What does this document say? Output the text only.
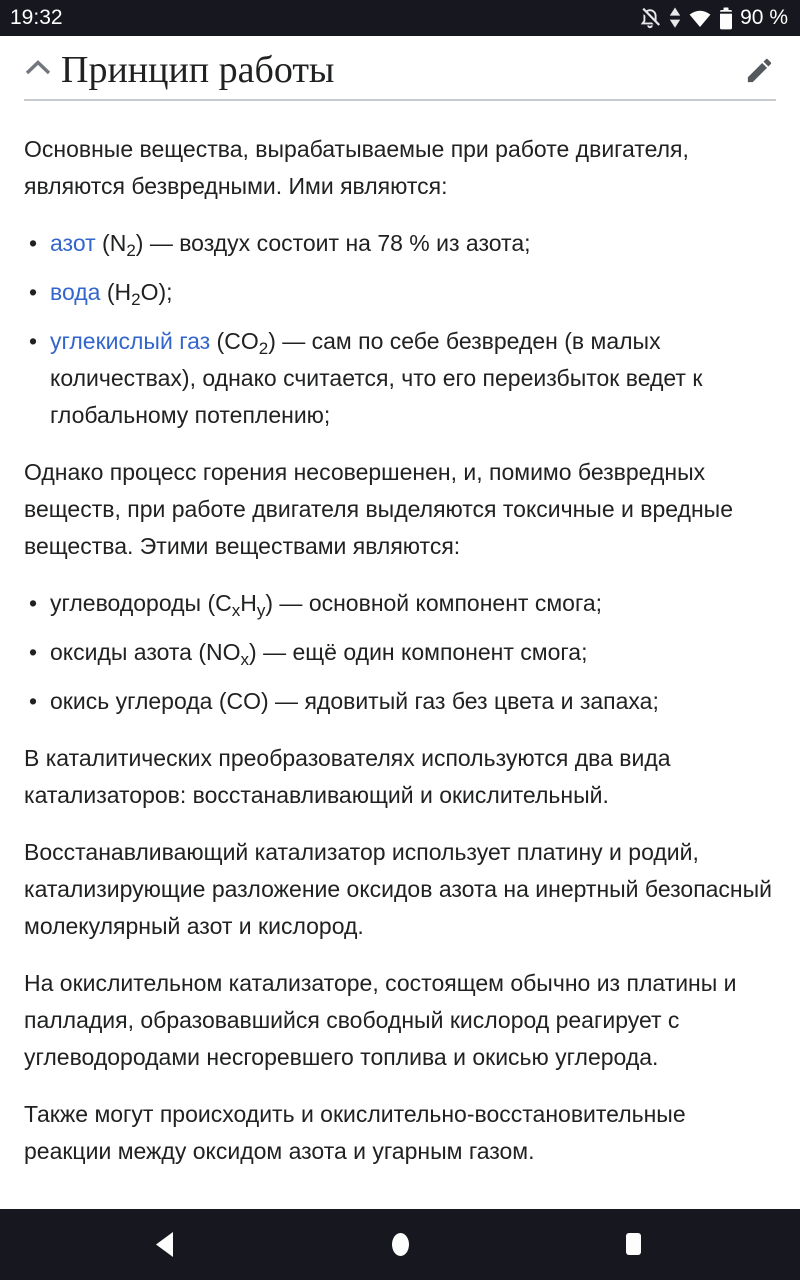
19:32	90 %
Принцип работы

Основные вещества, вырабатываемые при работе двигателя, являются безвредными. Ими являются:

• азот $(N_2)$ — воздух состоит на 78 % из азота;
• вода $(H_2O)$;
• углекислый газ $(CO_2)$ — сам по себе безвреден (в малых количествах), однако считается, что его переизбыток ведет к глобальному потеплению;

Однако процесс горения несовершенен, и, помимо безвредных веществ, при работе двигателя выделяются токсичные и вредные вещества. Этими веществами являются:

• углеводороды $(C_xH_y)$ — основной компонент смога;
• оксиды азота $(NO_x)$ — ещё один компонент смога;
• окись углерода (CO) — ядовитый газ без цвета и запаха;

В каталитических преобразователях используются два вида катализаторов: восстанавливающий и окислительный.

Восстанавливающий катализатор использует платину и родий, катализирующие разложение оксидов азота на инертный безопасный молекулярный азот и кислород.

На окислительном катализаторе, состоящем обычно из платины и палладия, образовавшийся свободный кислород реагирует с углеводородами несгоревшего топлива и окисью углерода.

Также могут происходить и окислительно-восстановительные реакции между оксидом азота и угарным газом.
